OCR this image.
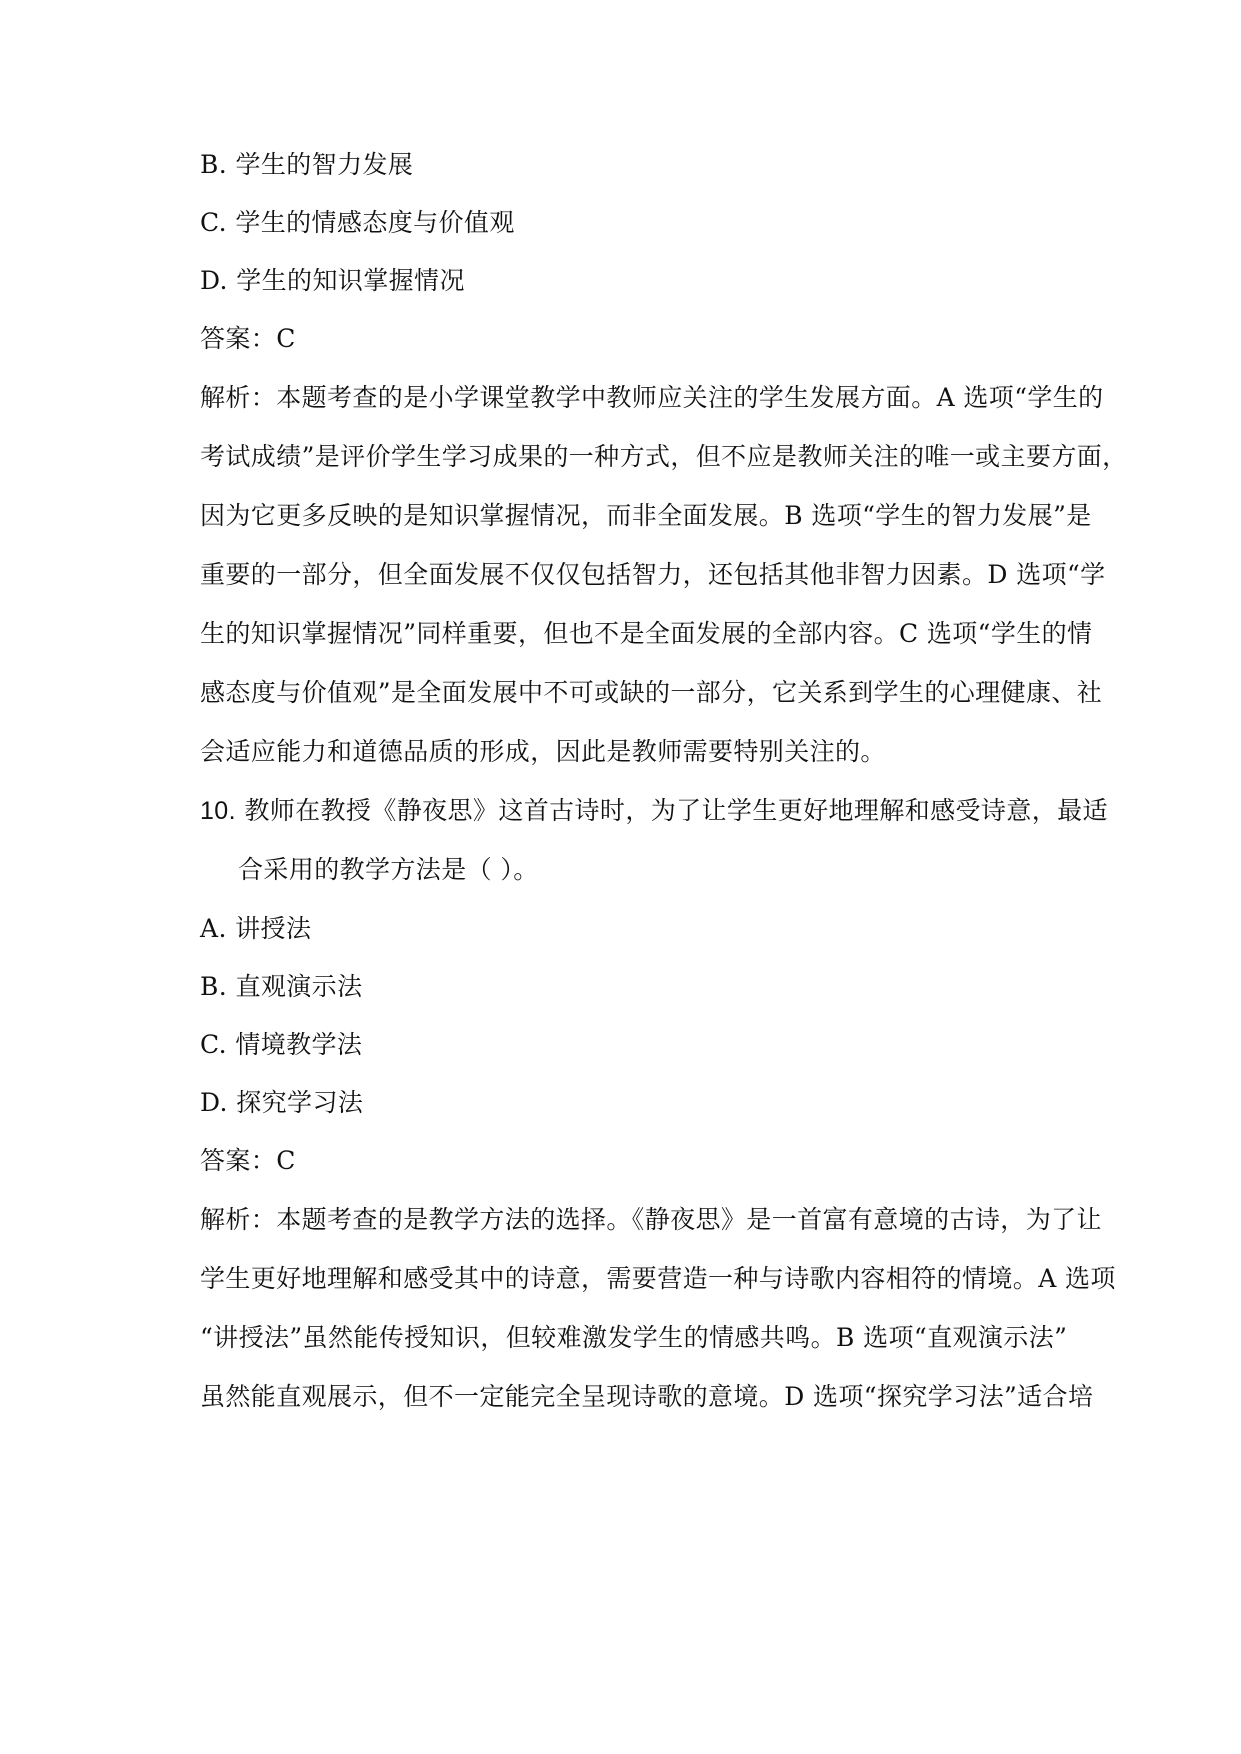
B. 学生的智力发展
C. 学生的情感态度与价值观
D. 学生的知识掌握情况
答案：C
解析：本题考查的是小学课堂教学中教师应关注的学生发展方面。A 选项“学生的
考试成绩”是评价学生学习成果的一种方式，但不应是教师关注的唯一或主要方面，
因为它更多反映的是知识掌握情况，而非全面发展。B 选项“学生的智力发展”是
重要的一部分，但全面发展不仅仅包括智力，还包括其他非智力因素。D 选项“学
生的知识掌握情况”同样重要，但也不是全面发展的全部内容。C 选项“学生的情
感态度与价值观”是全面发展中不可或缺的一部分，它关系到学生的心理健康、社
会适应能力和道德品质的形成，因此是教师需要特别关注的。
10. 教师在教授《静夜思》这首古诗时，为了让学生更好地理解和感受诗意，最适
合采用的教学方法是（ ）。
A. 讲授法
B. 直观演示法
C. 情境教学法
D. 探究学习法
答案：C
解析：本题考查的是教学方法的选择。《静夜思》是一首富有意境的古诗，为了让
学生更好地理解和感受其中的诗意，需要营造一种与诗歌内容相符的情境。A 选项
“讲授法”虽然能传授知识，但较难激发学生的情感共鸣。B 选项“直观演示法”
虽然能直观展示，但不一定能完全呈现诗歌的意境。D 选项“探究学习法”适合培
